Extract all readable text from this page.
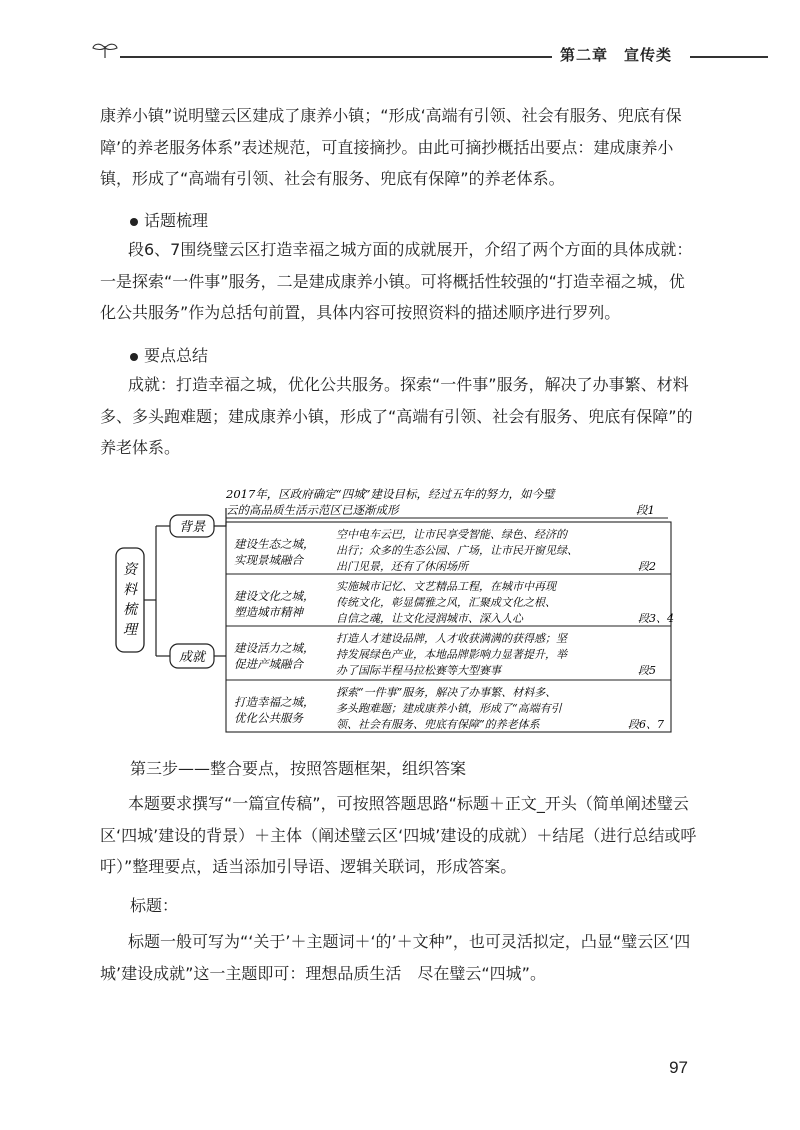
第二章　宣传类
康养小镇”说明璧云区建成了康养小镇；“形成‘高端有引领、社会有服务、兜底有保障’的养老服务体系”表述规范，可直接摘抄。由此可摘抄概括出要点：建成康养小镇，形成了“高端有引领、社会有服务、兜底有保障”的养老体系。
话题梳理
段6、7围绕璧云区打造幸福之城方面的成就展开，介绍了两个方面的具体成就：一是探索“一件事”服务，二是建成康养小镇。可将概括性较强的“打造幸福之城，优化公共服务”作为总括句前置，具体内容可按照资料的描述顺序进行罗列。
要点总结
成就：打造幸福之城，优化公共服务。探索“一件事”服务，解决了办事繁、材料多、多头跑难题；建成康养小镇，形成了“高端有引领、社会有服务、兜底有保障”的养老体系。
资
料
梳
理
背景
2017年，区政府确定“四城”建设目标，经过五年的努力，如今璧
云的高品质生活示范区已逐渐成形	段1
成就
建设生态之城，
实现景城融合
空中电车云巴，让市民享受智能、绿色、经济的
出行；众多的生态公园、广场，让市民开窗见绿、
出门见景，还有了休闲场所	段2
建设文化之城，
塑造城市精神
实施城市记忆、文艺精品工程，在城市中再现
传统文化，彰显儒雅之风，汇聚成文化之根、
自信之魂，让文化浸润城市、深入人心	段3、4
建设活力之城，
促进产城融合
打造人才建设品牌，人才收获满满的获得感；坚
持发展绿色产业，本地品牌影响力显著提升，举
办了国际半程马拉松赛等大型赛事	段5
打造幸福之城，
优化公共服务
探索“一件事”服务，解决了办事繁、材料多、
多头跑难题；建成康养小镇，形成了“高端有引
领、社会有服务、兜底有保障”的养老体系	段6、7
第三步——整合要点，按照答题框架，组织答案
本题要求撰写“一篇宣传稿”，可按照答题思路“标题＋正文_开头（简单阐述璧云区‘四城’建设的背景）＋主体（阐述璧云区‘四城’建设的成就）＋结尾（进行总结或呼吁）”整理要点，适当添加引导语、逻辑关联词，形成答案。
标题：
标题一般可写为“‘关于’＋主题词＋‘的’＋文种”，也可灵活拟定，凸显“璧云区‘四城’建设成就”这一主题即可：理想品质生活　尽在璧云“四城”。
97
